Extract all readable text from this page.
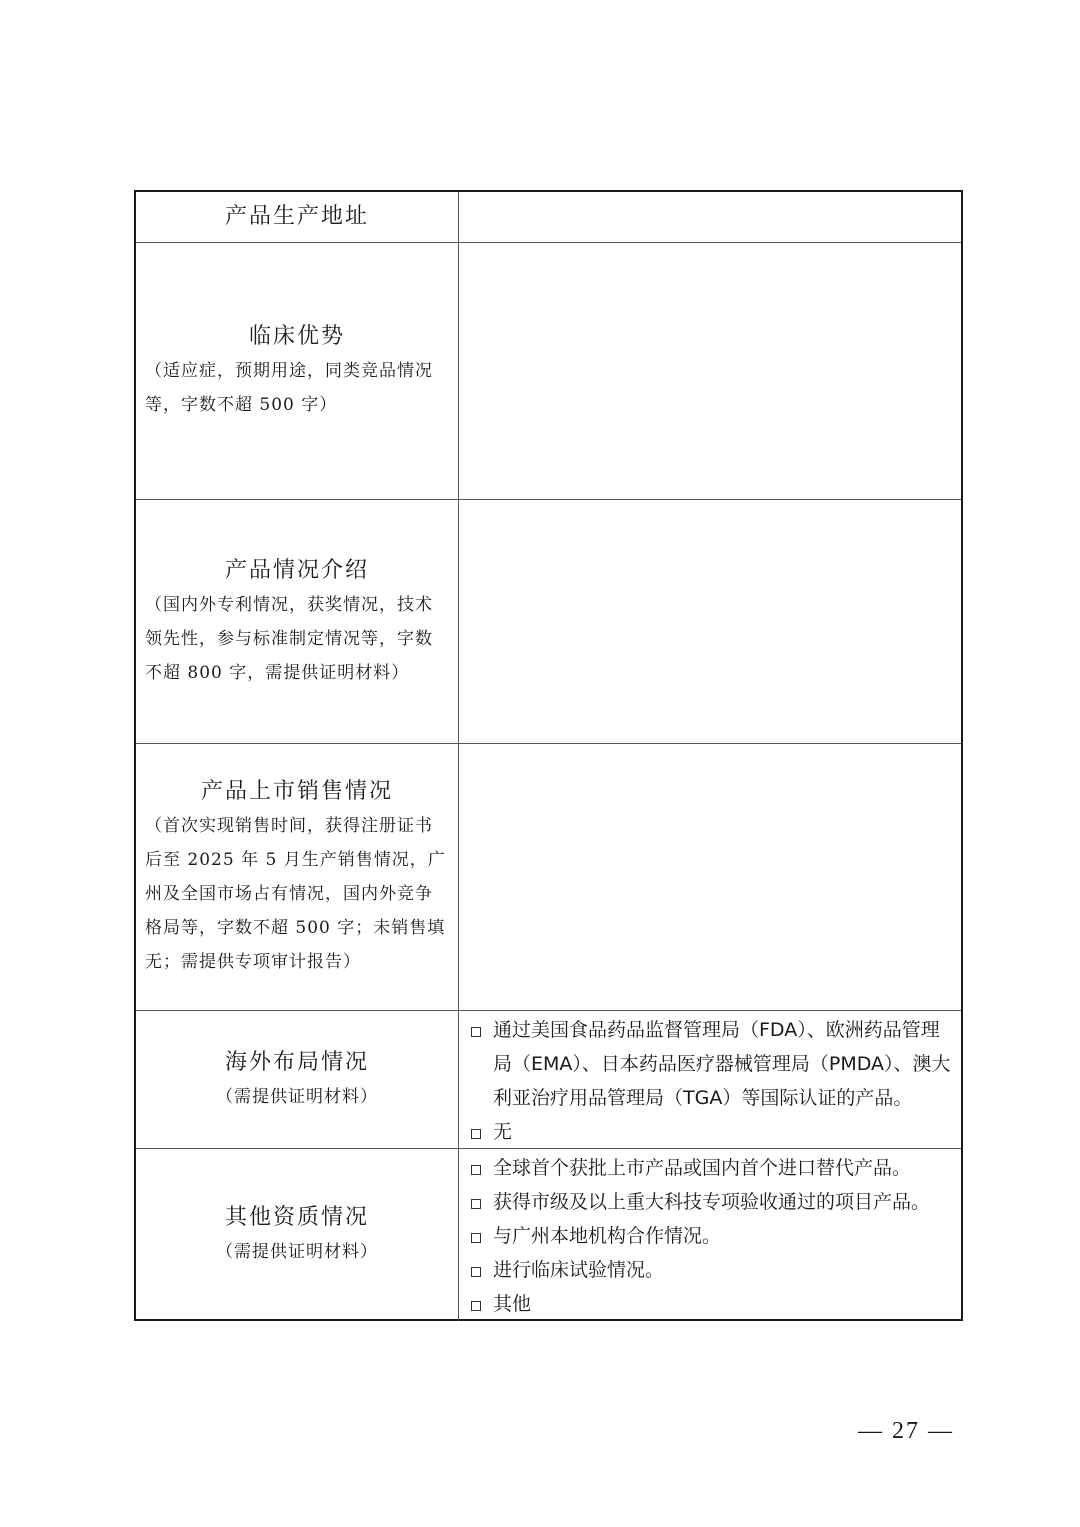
产品生产地址
临床优势
（适应症，预期用途，同类竞品情况等，字数不超 500 字）
产品情况介绍
（国内外专利情况，获奖情况，技术领先性，参与标准制定情况等，字数不超 800 字，需提供证明材料）
产品上市销售情况
（首次实现销售时间，获得注册证书后至 2025 年 5 月生产销售情况，广州及全国市场占有情况，国内外竞争格局等，字数不超 500 字；未销售填无；需提供专项审计报告）
海外布局情况
（需提供证明材料）
通过美国食品药品监督管理局（FDA）、欧洲药品管理局（EMA）、日本药品医疗器械管理局（PMDA）、澳大利亚治疗用品管理局（TGA）等国际认证的产品。
无
其他资质情况
（需提供证明材料）
全球首个获批上市产品或国内首个进口替代产品。
获得市级及以上重大科技专项验收通过的项目产品。
与广州本地机构合作情况。
进行临床试验情况。
其他
— 27 —
